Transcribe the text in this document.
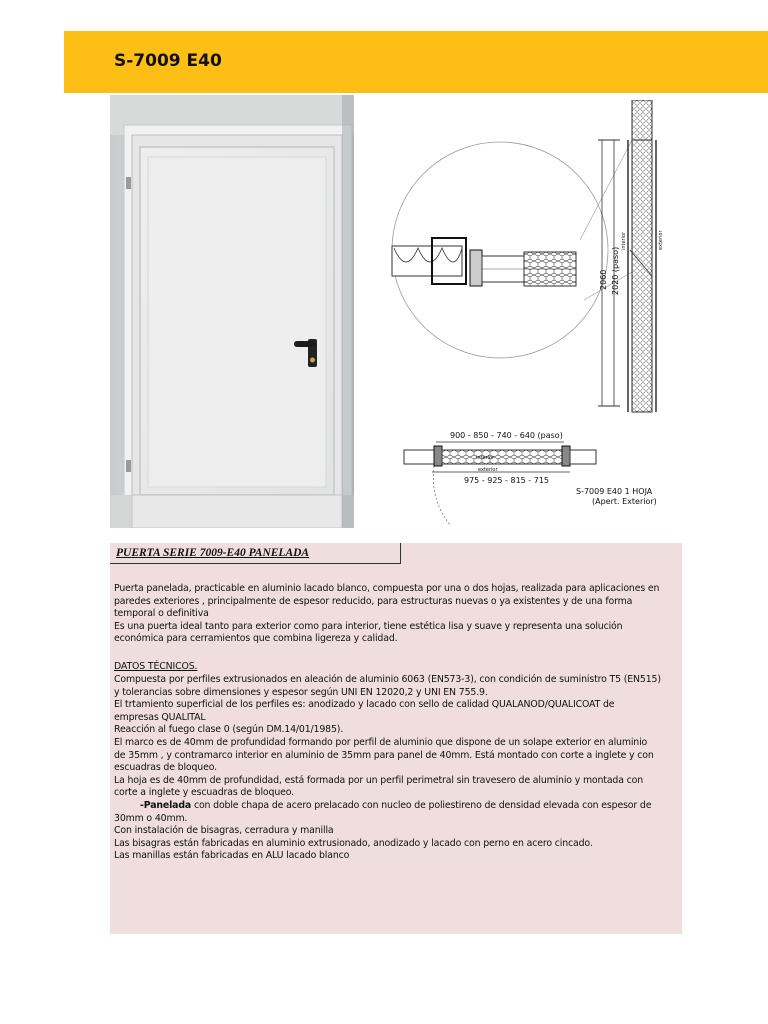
S-7009 E40
2060 2020 (paso)
interior	exterior
900 - 850 - 740 - 640 (paso)
interior
exterior
975 - 925 - 815 - 715
S-7009 E40 1 HOJA
(Apert. Exterior)
PUERTA SERIE 7009-E40 PANELADA
Puerta panelada, practicable en aluminio lacado blanco, compuesta por una o dos hojas, realizada para aplicaciones en
paredes exteriores , principalmente de espesor reducido, para estructuras nuevas o ya existentes y de una forma
temporal o definitiva
Es una puerta ideal tanto para exterior como para interior, tiene estética lisa y suave y representa una solución
económica para cerramientos que combina ligereza y calidad.
DATOS TÉCNICOS.
Compuesta por perfiles extrusionados en aleación de aluminio 6063 (EN573-3), con condición de suministro T5 (EN515)
y tolerancias sobre dimensiones y espesor según UNI EN 12020,2 y UNI EN 755.9.
El trtamiento superficial de los perfiles es: anodizado y lacado con sello de calidad QUALANOD/QUALICOAT de
empresas QUALITAL
Reacción al fuego clase 0 (según DM.14/01/1985).
El marco es de 40mm de profundidad formando por perfil de aluminio que dispone de un solape exterior en aluminio
de 35mm , y contramarco interior en aluminio de 35mm para panel de 40mm. Está montado con corte a inglete y con
escuadras de bloqueo.
La hoja es de 40mm de profundidad, está formada por un perfil perimetral sin travesero de aluminio y montada con
corte a inglete y escuadras de bloqueo.
-Panelada con doble chapa de acero prelacado con nucleo de poliestireno de densidad elevada con espesor de
30mm o 40mm.
Con instalación de bisagras, cerradura y manilla
Las bisagras están fabricadas en aluminio extrusionado, anodizado y lacado con perno en acero cincado.
Las manillas están fabricadas en ALU lacado blanco
